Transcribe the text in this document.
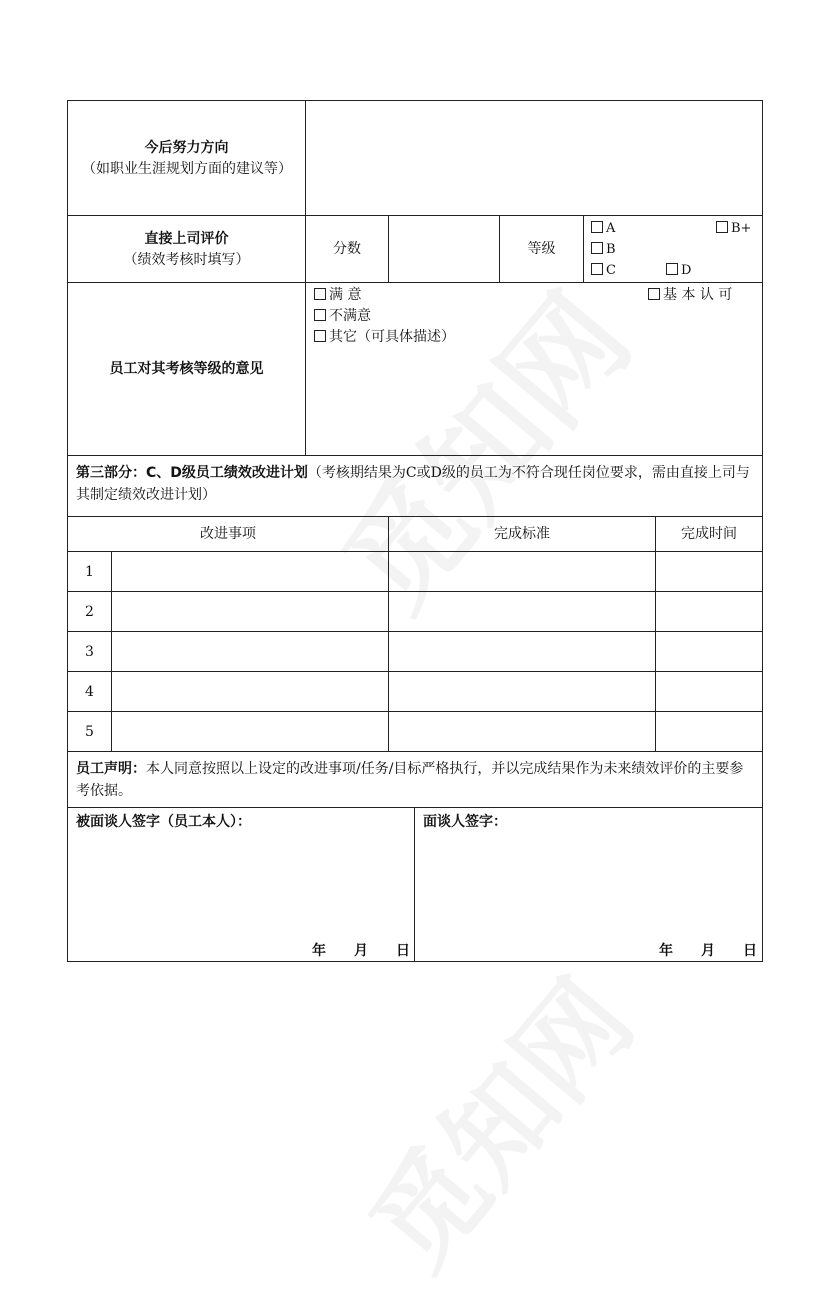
今后努力方向
（如职业生涯规划方面的建议等）
直接上司评价
（绩效考核时填写）
分数	等级
A	B+
B
C	D
员工对其考核等级的意见
满 意	基 本 认 可
不满意
其它（可具体描述）
第三部分：C、D级员工绩效改进计划（考核期结果为C或D级的员工为不符合现任岗位要求，需由直接上司与其制定绩效改进计划）
改进事项	完成标准	完成时间
1
2
3
4
5
员工声明：本人同意按照以上设定的改进事项/任务/目标严格执行，并以完成结果作为未来绩效评价的主要参考依据。
被面谈人签字（员工本人）：
年　　月　　日
面谈人签字：
年　　月　　日
